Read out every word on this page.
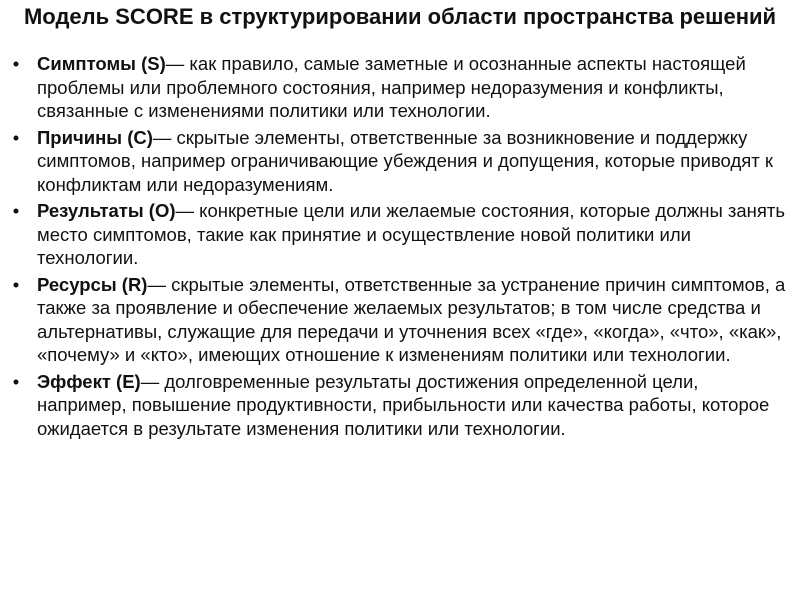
Модель SCORE в структурировании области пространства решений
• Симптомы (S)— как правило, самые заметные и осознанные аспекты настоящей проблемы или проблемного состояния, например недоразумения и конфликты, связанные с изменениями политики или технологии.
• Причины (C)— скрытые элементы, ответственные за возникновение и поддержку симптомов, например ограничивающие убеждения и допущения, которые приводят к конфликтам или недоразумениям.
• Результаты (O)— конкретные цели или желаемые состояния, которые должны занять место симптомов, такие как принятие и осуществление новой политики или технологии.
• Ресурсы (R)— скрытые элементы, ответственные за устранение причин симптомов, а также за проявление и обеспечение желаемых результатов; в том числе средства и альтернативы, служащие для передачи и уточнения всех «где», «когда», «что», «как», «почему» и «кто», имеющих отношение к изменениям политики или технологии.
• Эффект (E)— долговременные результаты достижения определенной цели, например, повышение продуктивности, прибыльности или качества работы, которое ожидается в результате изменения политики или технологии.
